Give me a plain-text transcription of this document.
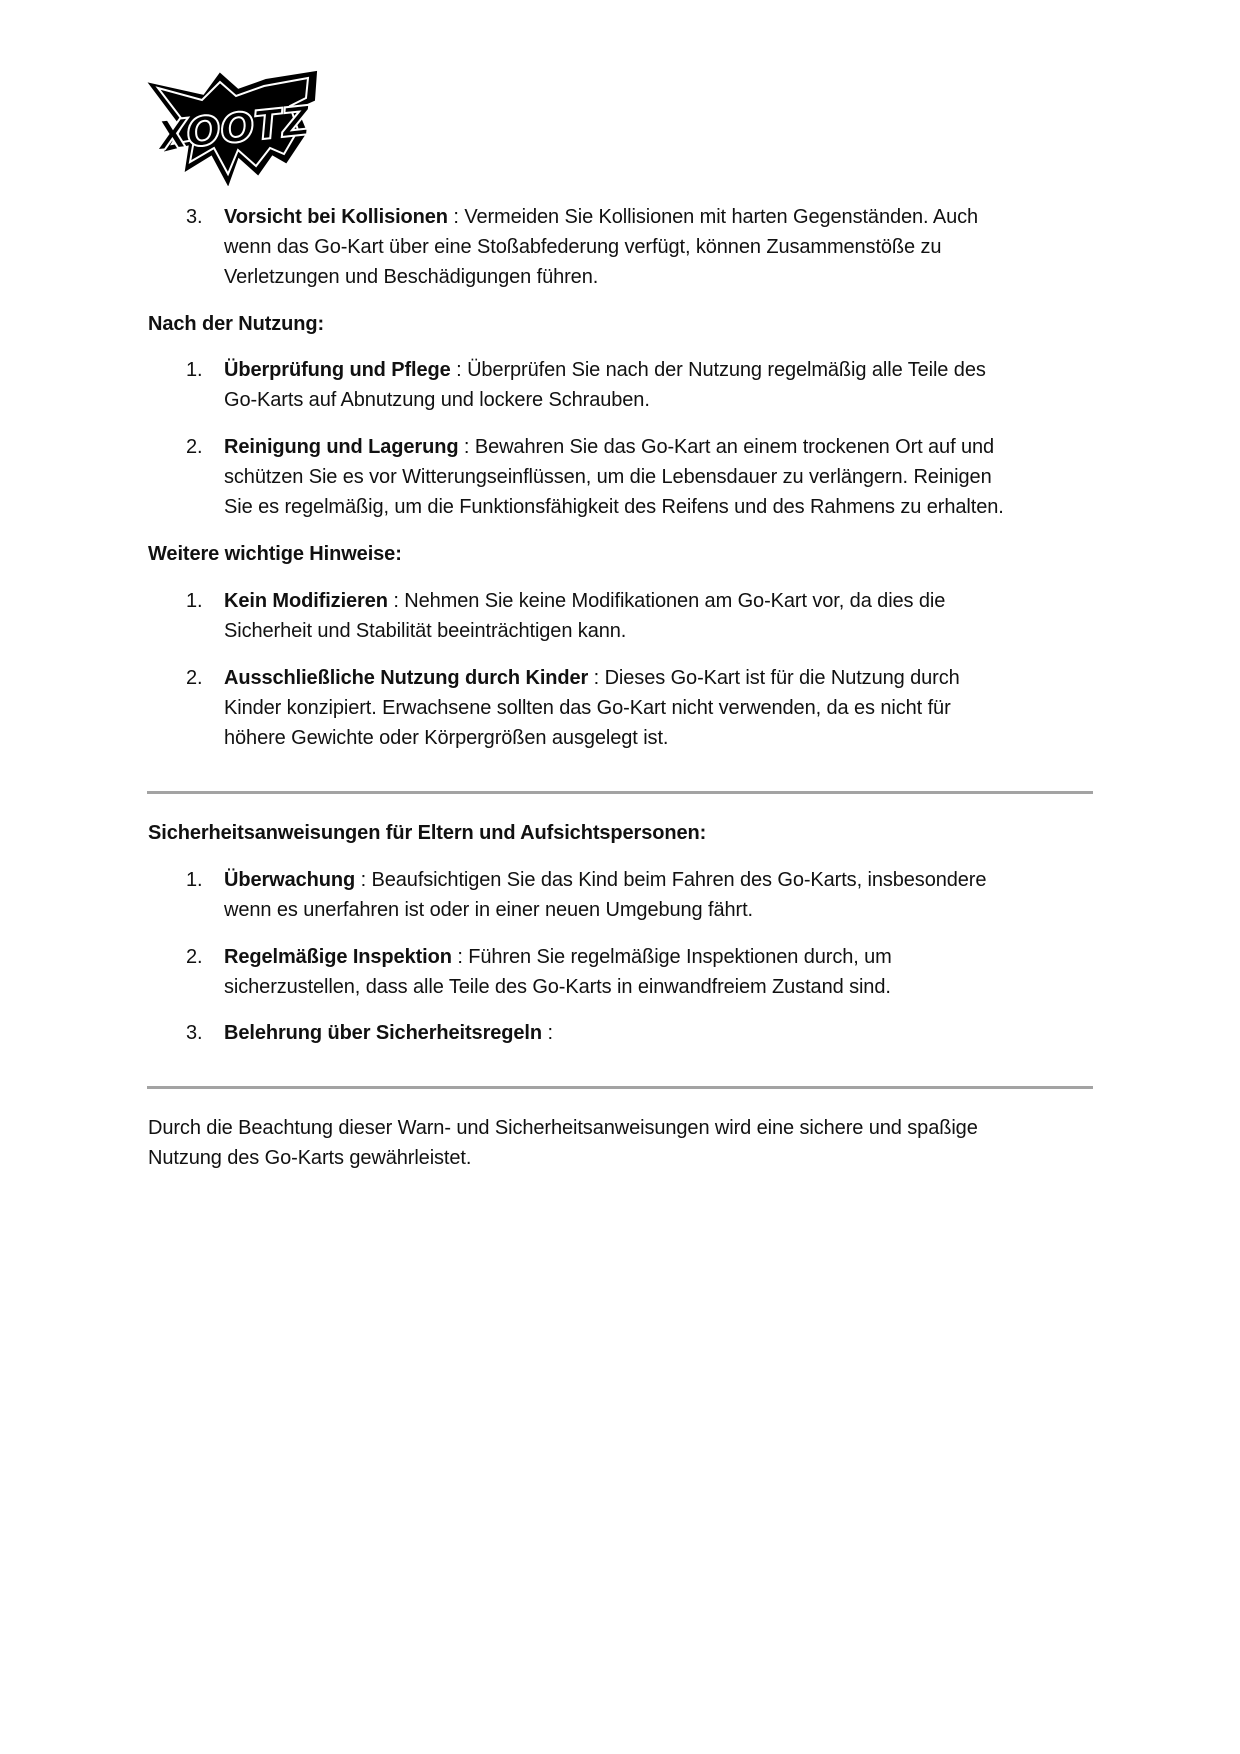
XOOTZ
3. Vorsicht bei Kollisionen : Vermeiden Sie Kollisionen mit harten Gegenständen. Auch
wenn das Go-Kart über eine Stoßabfederung verfügt, können Zusammenstöße zu
Verletzungen und Beschädigungen führen.
Nach der Nutzung:
1. Überprüfung und Pflege : Überprüfen Sie nach der Nutzung regelmäßig alle Teile des
Go-Karts auf Abnutzung und lockere Schrauben.
2. Reinigung und Lagerung : Bewahren Sie das Go-Kart an einem trockenen Ort auf und
schützen Sie es vor Witterungseinflüssen, um die Lebensdauer zu verlängern. Reinigen
Sie es regelmäßig, um die Funktionsfähigkeit des Reifens und des Rahmens zu erhalten.
Weitere wichtige Hinweise:
1. Kein Modifizieren : Nehmen Sie keine Modifikationen am Go-Kart vor, da dies die
Sicherheit und Stabilität beeinträchtigen kann.
2. Ausschließliche Nutzung durch Kinder : Dieses Go-Kart ist für die Nutzung durch
Kinder konzipiert. Erwachsene sollten das Go-Kart nicht verwenden, da es nicht für
höhere Gewichte oder Körpergrößen ausgelegt ist.
Sicherheitsanweisungen für Eltern und Aufsichtspersonen:
1. Überwachung : Beaufsichtigen Sie das Kind beim Fahren des Go-Karts, insbesondere
wenn es unerfahren ist oder in einer neuen Umgebung fährt.
2. Regelmäßige Inspektion : Führen Sie regelmäßige Inspektionen durch, um
sicherzustellen, dass alle Teile des Go-Karts in einwandfreiem Zustand sind.
3. Belehrung über Sicherheitsregeln :
Durch die Beachtung dieser Warn- und Sicherheitsanweisungen wird eine sichere und spaßige
Nutzung des Go-Karts gewährleistet.
